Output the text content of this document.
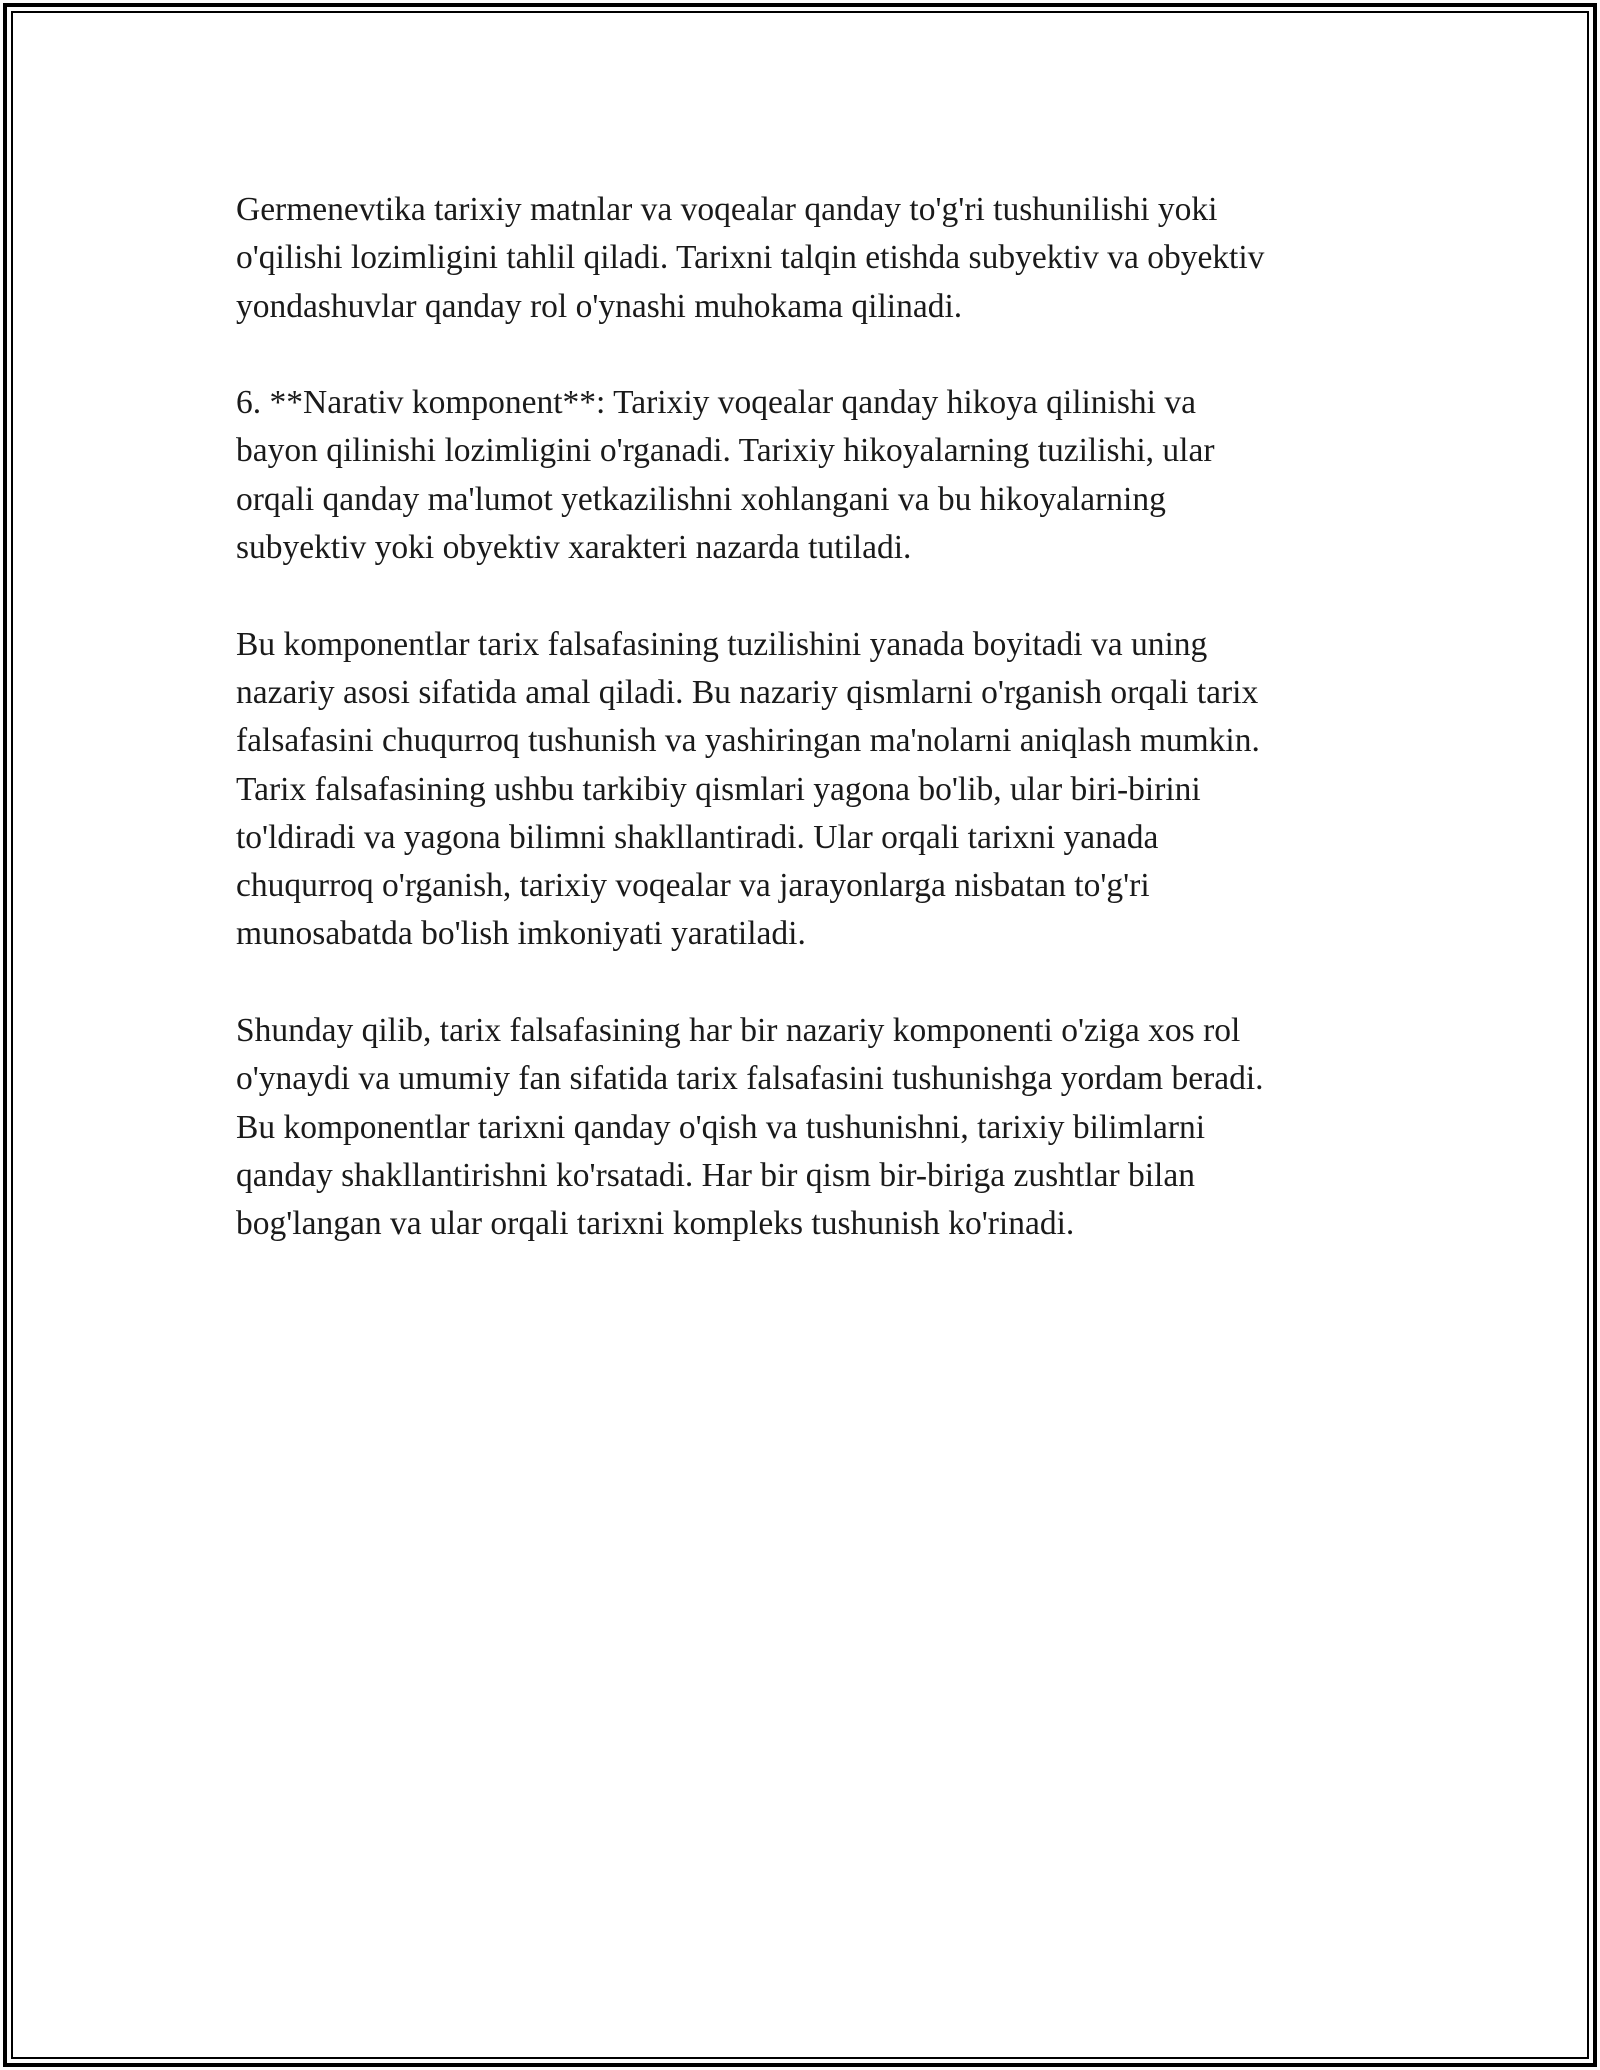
Germenevtika tarixiy matnlar va voqealar qanday to'g'ri tushunilishi yoki
o'qilishi lozimligini tahlil qiladi. Tarixni talqin etishda subyektiv va obyektiv
yondashuvlar qanday rol o'ynashi muhokama qilinadi.

6. **Narativ komponent**: Tarixiy voqealar qanday hikoya qilinishi va
bayon qilinishi lozimligini o'rganadi. Tarixiy hikoyalarning tuzilishi, ular
orqali qanday ma'lumot yetkazilishni xohlangani va bu hikoyalarning
subyektiv yoki obyektiv xarakteri nazarda tutiladi.

Bu komponentlar tarix falsafasining tuzilishini yanada boyitadi va uning
nazariy asosi sifatida amal qiladi. Bu nazariy qismlarni o'rganish orqali tarix
falsafasini chuqurroq tushunish va yashiringan ma'nolarni aniqlash mumkin.
Tarix falsafasining ushbu tarkibiy qismlari yagona bo'lib, ular biri-birini
to'ldiradi va yagona bilimni shakllantiradi. Ular orqali tarixni yanada
chuqurroq o'rganish, tarixiy voqealar va jarayonlarga nisbatan to'g'ri
munosabatda bo'lish imkoniyati yaratiladi.

Shunday qilib, tarix falsafasining har bir nazariy komponenti o'ziga xos rol
o'ynaydi va umumiy fan sifatida tarix falsafasini tushunishga yordam beradi.
Bu komponentlar tarixni qanday o'qish va tushunishni, tarixiy bilimlarni
qanday shakllantirishni ko'rsatadi. Har bir qism bir-biriga zushtlar bilan
bog'langan va ular orqali tarixni kompleks tushunish ko'rinadi.
